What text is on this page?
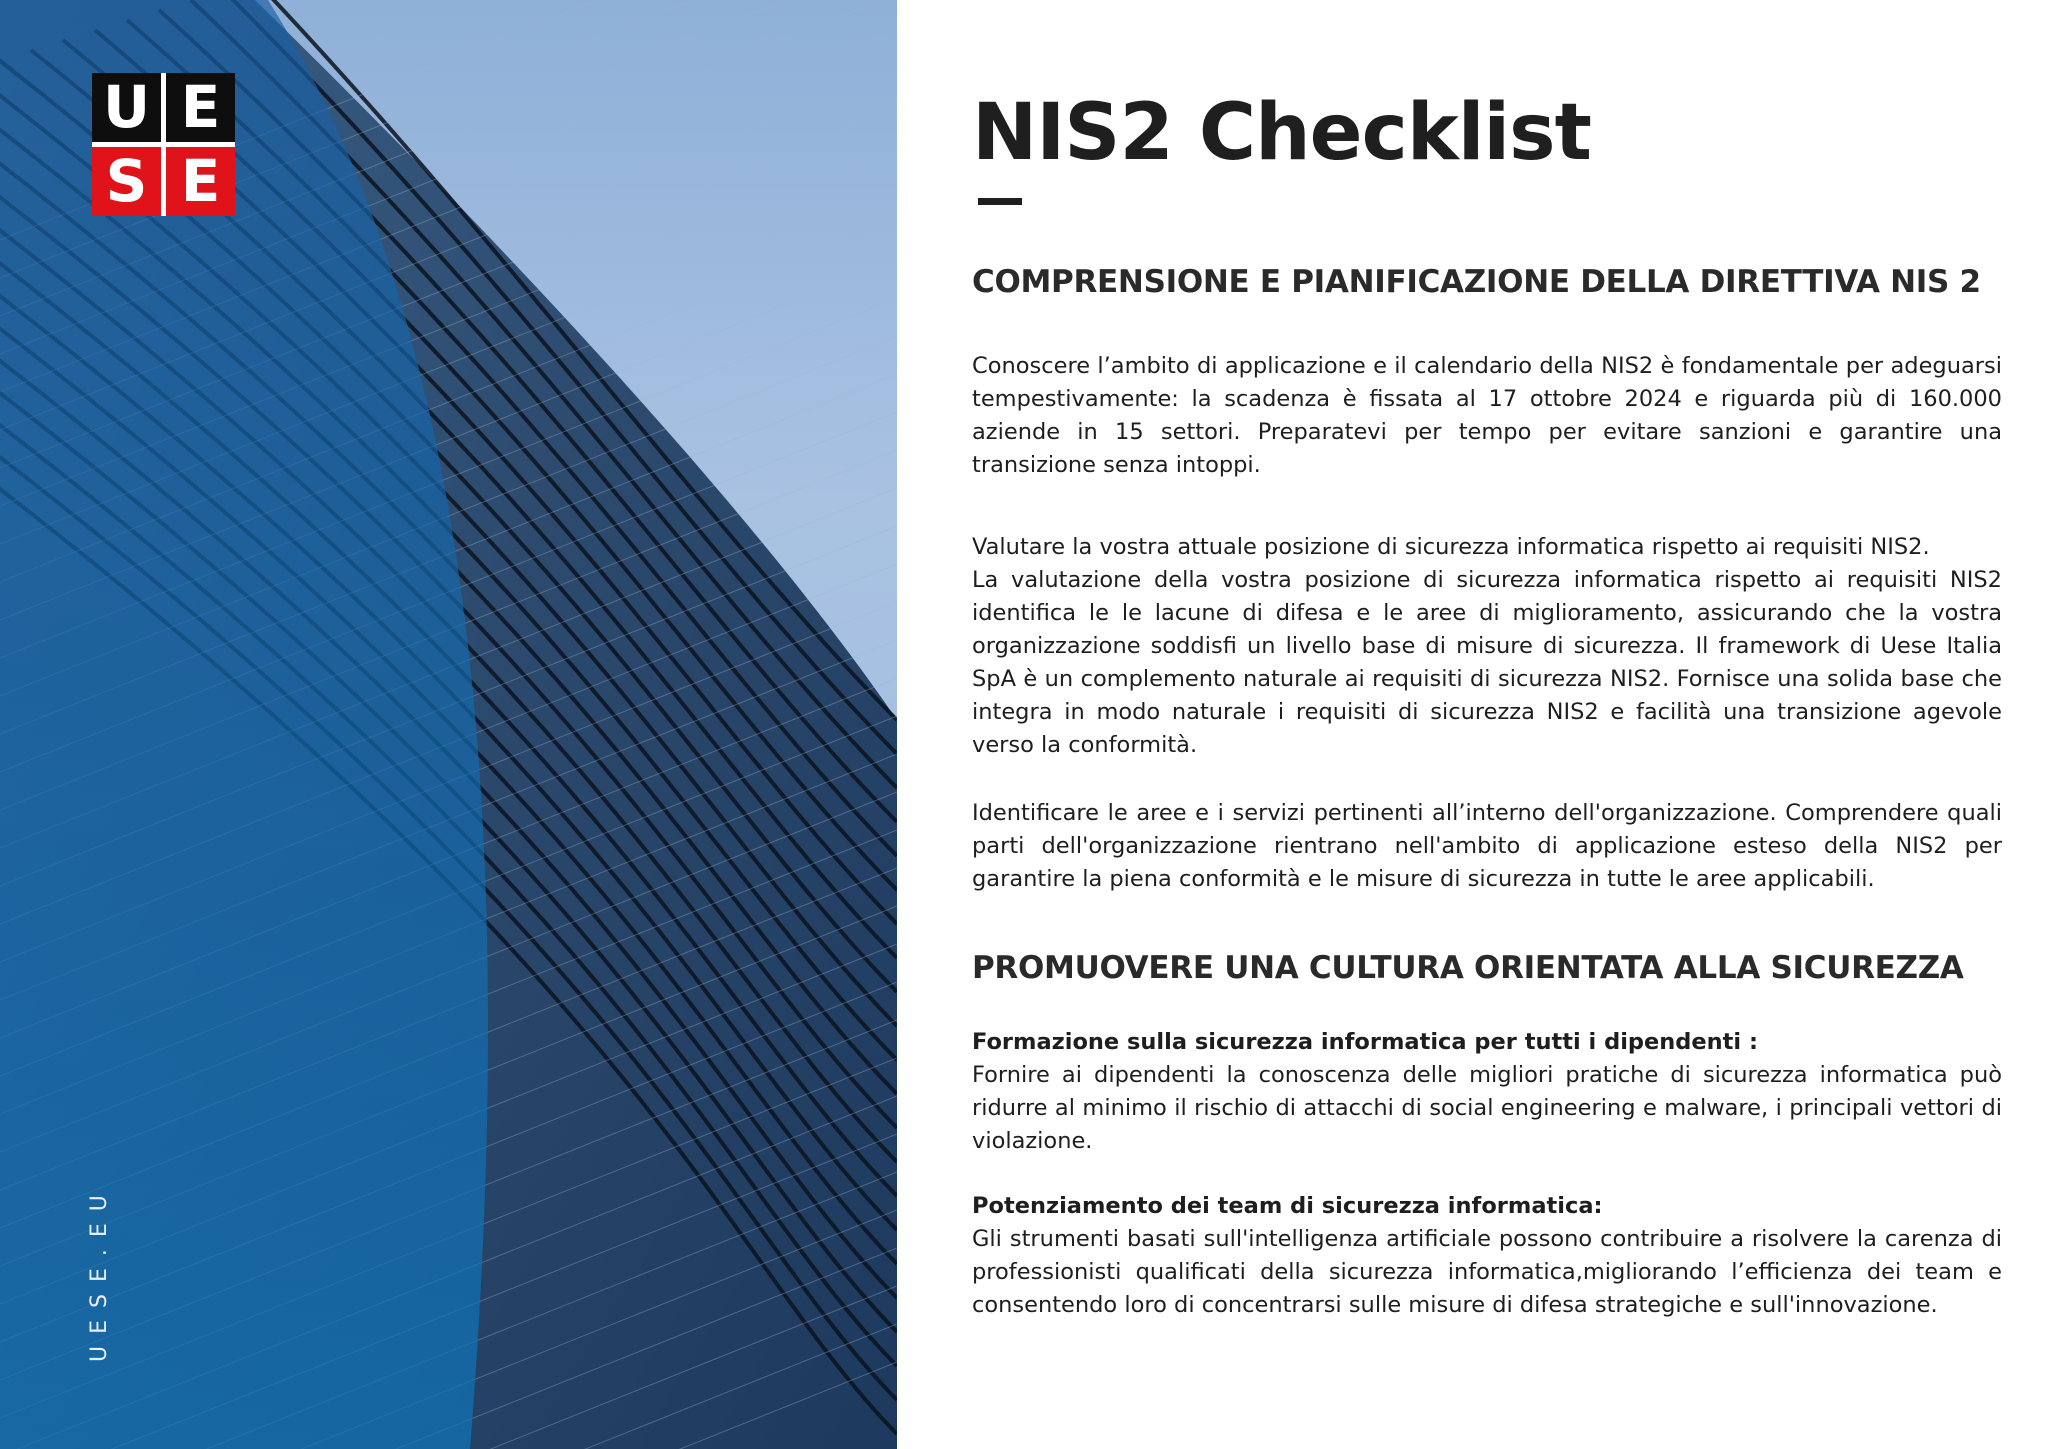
U E
S E
UESE.EU
NIS2 Checklist
COMPRENSIONE E PIANIFICAZIONE DELLA DIRETTIVA NIS 2

Conoscere l’ambito di applicazione e il calendario della NIS2 è fondamentale per adeguarsi tempestivamente: la scadenza è fissata al 17 ottobre 2024 e riguarda più di 160.000 aziende in 15 settori. Preparatevi per tempo per evitare sanzioni e garantire una transizione senza intoppi.

Valutare la vostra attuale posizione di sicurezza informatica rispetto ai requisiti NIS2.
La valutazione della vostra posizione di sicurezza informatica rispetto ai requisiti NIS2 identifica le le lacune di difesa e le aree di miglioramento, assicurando che la vostra organizzazione soddisfi un livello base di misure di sicurezza. Il framework di Uese Italia SpA è un complemento naturale ai requisiti di sicurezza NIS2. Fornisce una solida base che integra in modo naturale i requisiti di sicurezza NIS2 e facilità una transizione agevole verso la conformità.

Identificare le aree e i servizi pertinenti all’interno dell'organizzazione. Comprendere quali parti dell'organizzazione rientrano nell'ambito di applicazione esteso della NIS2 per garantire la piena conformità e le misure di sicurezza in tutte le aree applicabili.

PROMUOVERE UNA CULTURA ORIENTATA ALLA SICUREZZA

Formazione sulla sicurezza informatica per tutti i dipendenti :
Fornire ai dipendenti la conoscenza delle migliori pratiche di sicurezza informatica può ridurre al minimo il rischio di attacchi di social engineering e malware, i principali vettori di violazione.

Potenziamento dei team di sicurezza informatica:
Gli strumenti basati sull'intelligenza artificiale possono contribuire a risolvere la carenza di professionisti qualificati della sicurezza informatica,migliorando l’efficienza dei team e consentendo loro di concentrarsi sulle misure di difesa strategiche e sull'innovazione.
